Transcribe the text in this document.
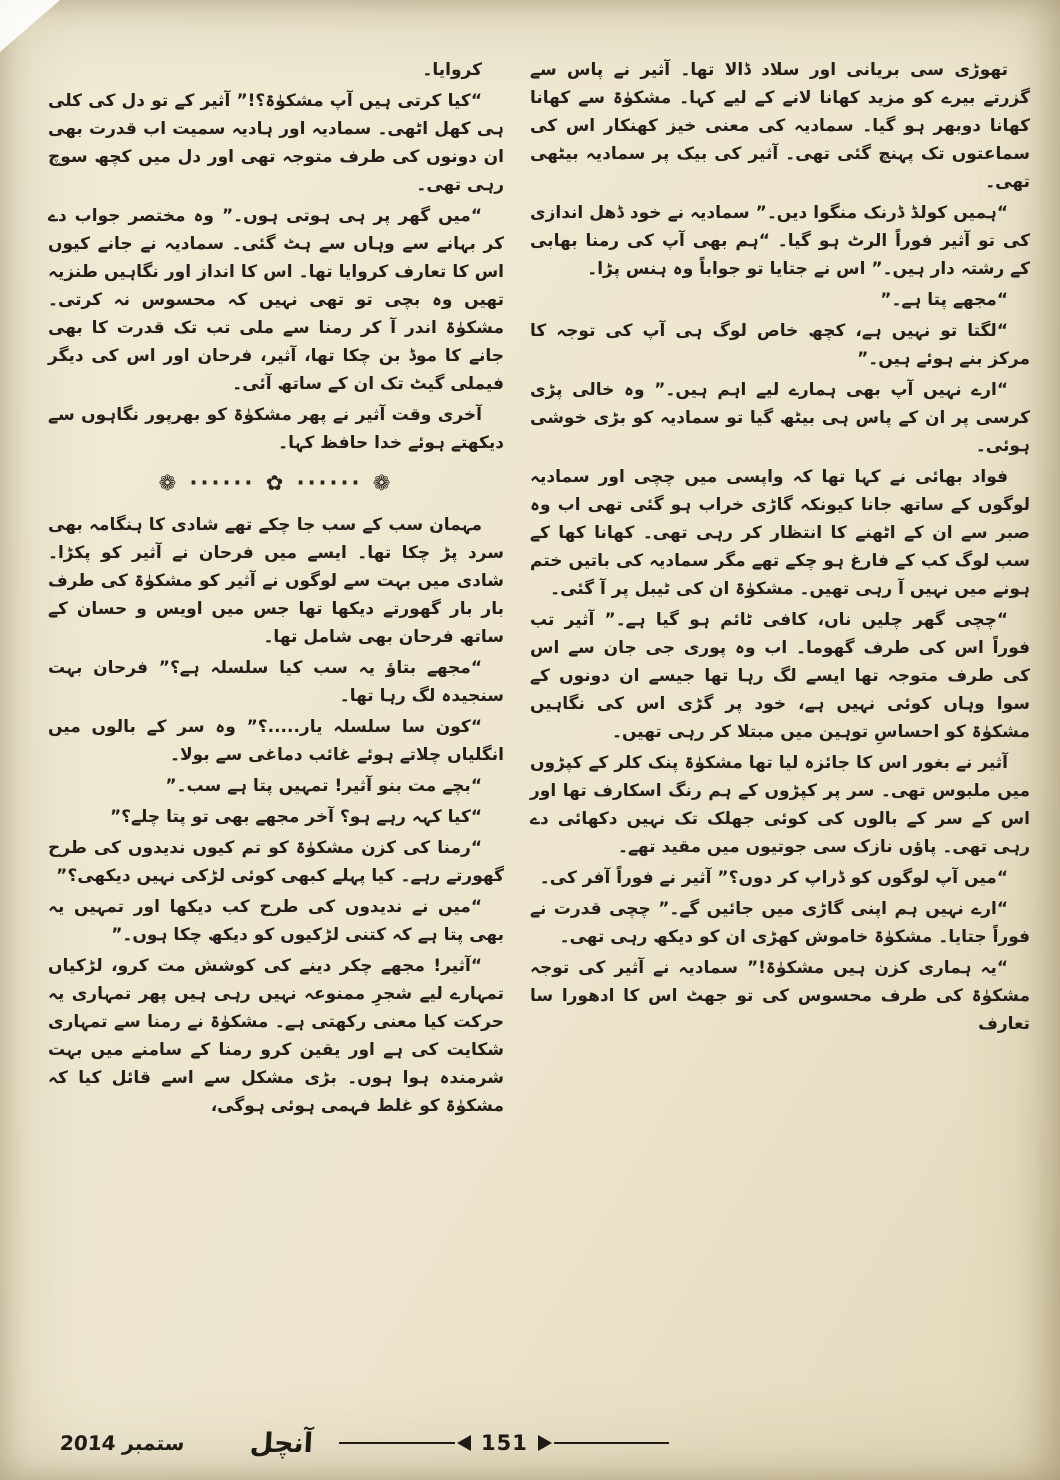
تھوڑی سی بریانی اور سلاد ڈالا تھا۔ آثیر نے پاس سے گزرتے بیرے کو مزید کھانا لانے کے لیے کہا۔ مشکوٰۃ سے کھانا کھانا دوبھر ہو گیا۔ سمادیہ کی معنی خیز کھنکار اس کی سماعتوں تک پہنچ گئی تھی۔ آثیر کی بیک پر سمادیہ بیٹھی تھی۔

“ہمیں کولڈ ڈرنک منگوا دیں۔” سمادیہ نے خود ڈھل اندازی کی تو آثیر فوراً الرٹ ہو گیا۔ “ہم بھی آپ کی رمنا بھابی کے رشتہ دار ہیں۔” اس نے جتایا تو جواباً وہ ہنس پڑا۔

“مجھے پتا ہے۔”

“لگتا تو نہیں ہے، کچھ خاص لوگ ہی آپ کی توجہ کا مرکز بنے ہوئے ہیں۔”

“ارے نہیں آپ بھی ہمارے لیے اہم ہیں۔” وہ خالی پڑی کرسی پر ان کے پاس ہی بیٹھ گیا تو سمادیہ کو بڑی خوشی ہوئی۔

فواد بھائی نے کہا تھا کہ واپسی میں چچی اور سمادیہ لوگوں کے ساتھ جانا کیونکہ گاڑی خراب ہو گئی تھی اب وہ صبر سے ان کے اٹھنے کا انتظار کر رہی تھی۔ کھانا کھا کے سب لوگ کب کے فارغ ہو چکے تھے مگر سمادیہ کی باتیں ختم ہونے میں نہیں آ رہی تھیں۔ مشکوٰۃ ان کی ٹیبل پر آ گئی۔

“چچی گھر چلیں ناں، کافی ٹائم ہو گیا ہے۔” آثیر تب فوراً اس کی طرف گھوما۔ اب وہ پوری جی جان سے اس کی طرف متوجہ تھا ایسے لگ رہا تھا جیسے ان دونوں کے سوا وہاں کوئی نہیں ہے، خود پر گڑی اس کی نگاہیں مشکوٰۃ کو احساسِ توہین میں مبتلا کر رہی تھیں۔

آثیر نے بغور اس کا جائزہ لیا تھا مشکوٰۃ پنک کلر کے کپڑوں میں ملبوس تھی۔ سر پر کپڑوں کے ہم رنگ اسکارف تھا اور اس کے سر کے بالوں کی کوئی جھلک تک نہیں دکھائی دے رہی تھی۔ پاؤں نازک سی جوتیوں میں مقید تھے۔

“میں آپ لوگوں کو ڈراپ کر دوں؟” آثیر نے فوراً آفر کی۔

“ارے نہیں ہم اپنی گاڑی میں جائیں گے۔” چچی قدرت نے فوراً جتایا۔ مشکوٰۃ خاموش کھڑی ان کو دیکھ رہی تھی۔

“یہ ہماری کزن ہیں مشکوٰۃ!” سمادیہ نے آثیر کی توجہ مشکوٰۃ کی طرف محسوس کی تو جھٹ اس کا ادھورا سا تعارف

کروایا۔

“کیا کرتی ہیں آپ مشکوٰۃ؟!” آثیر کے تو دل کی کلی ہی کھل اٹھی۔ سمادیہ اور ہادیہ سمیت اب قدرت بھی ان دونوں کی طرف متوجہ تھی اور دل میں کچھ سوچ رہی تھی۔

“میں گھر پر ہی ہوتی ہوں۔” وہ مختصر جواب دے کر بہانے سے وہاں سے ہٹ گئی۔ سمادیہ نے جانے کیوں اس کا تعارف کروایا تھا۔ اس کا انداز اور نگاہیں طنزیہ تھیں وہ بچی تو تھی نہیں کہ محسوس نہ کرتی۔ مشکوٰۃ اندر آ کر رمنا سے ملی تب تک قدرت کا بھی جانے کا موڈ بن چکا تھا، آثیر، فرحان اور اس کی دیگر فیملی گیٹ تک ان کے ساتھ آئی۔

آخری وقت آثیر نے پھر مشکوٰۃ کو بھرپور نگاہوں سے دیکھتے ہوئے خدا حافظ کہا۔

❁ ······ ✿ ······ ❁

مہمان سب کے سب جا چکے تھے شادی کا ہنگامہ بھی سرد پڑ چکا تھا۔ ایسے میں فرحان نے آثیر کو پکڑا۔ شادی میں بہت سے لوگوں نے آثیر کو مشکوٰۃ کی طرف بار بار گھورتے دیکھا تھا جس میں اویس و حسان کے ساتھ فرحان بھی شامل تھا۔

“مجھے بتاؤ یہ سب کیا سلسلہ ہے؟” فرحان بہت سنجیدہ لگ رہا تھا۔

“کون سا سلسلہ یار.....؟” وہ سر کے بالوں میں انگلیاں چلاتے ہوئے غائب دماغی سے بولا۔

“بچے مت بنو آثیر! تمہیں پتا ہے سب۔”

“کیا کہہ رہے ہو؟ آخر مجھے بھی تو پتا چلے؟”

“رمنا کی کزن مشکوٰۃ کو تم کیوں ندیدوں کی طرح گھورتے رہے۔ کیا پہلے کبھی کوئی لڑکی نہیں دیکھی؟”

“میں نے ندیدوں کی طرح کب دیکھا اور تمہیں یہ بھی پتا ہے کہ کتنی لڑکیوں کو دیکھ چکا ہوں۔”

“آثیر! مجھے چکر دینے کی کوشش مت کرو، لڑکیاں تمہارے لیے شجرِ ممنوعہ نہیں رہی ہیں پھر تمہاری یہ حرکت کیا معنی رکھتی ہے۔ مشکوٰۃ نے رمنا سے تمہاری شکایت کی ہے اور یقین کرو رمنا کے سامنے میں بہت شرمندہ ہوا ہوں۔ بڑی مشکل سے اسے قائل کیا کہ مشکوٰۃ کو غلط فہمی ہوئی ہوگی،

ستمبر 2014 آنچل	151
